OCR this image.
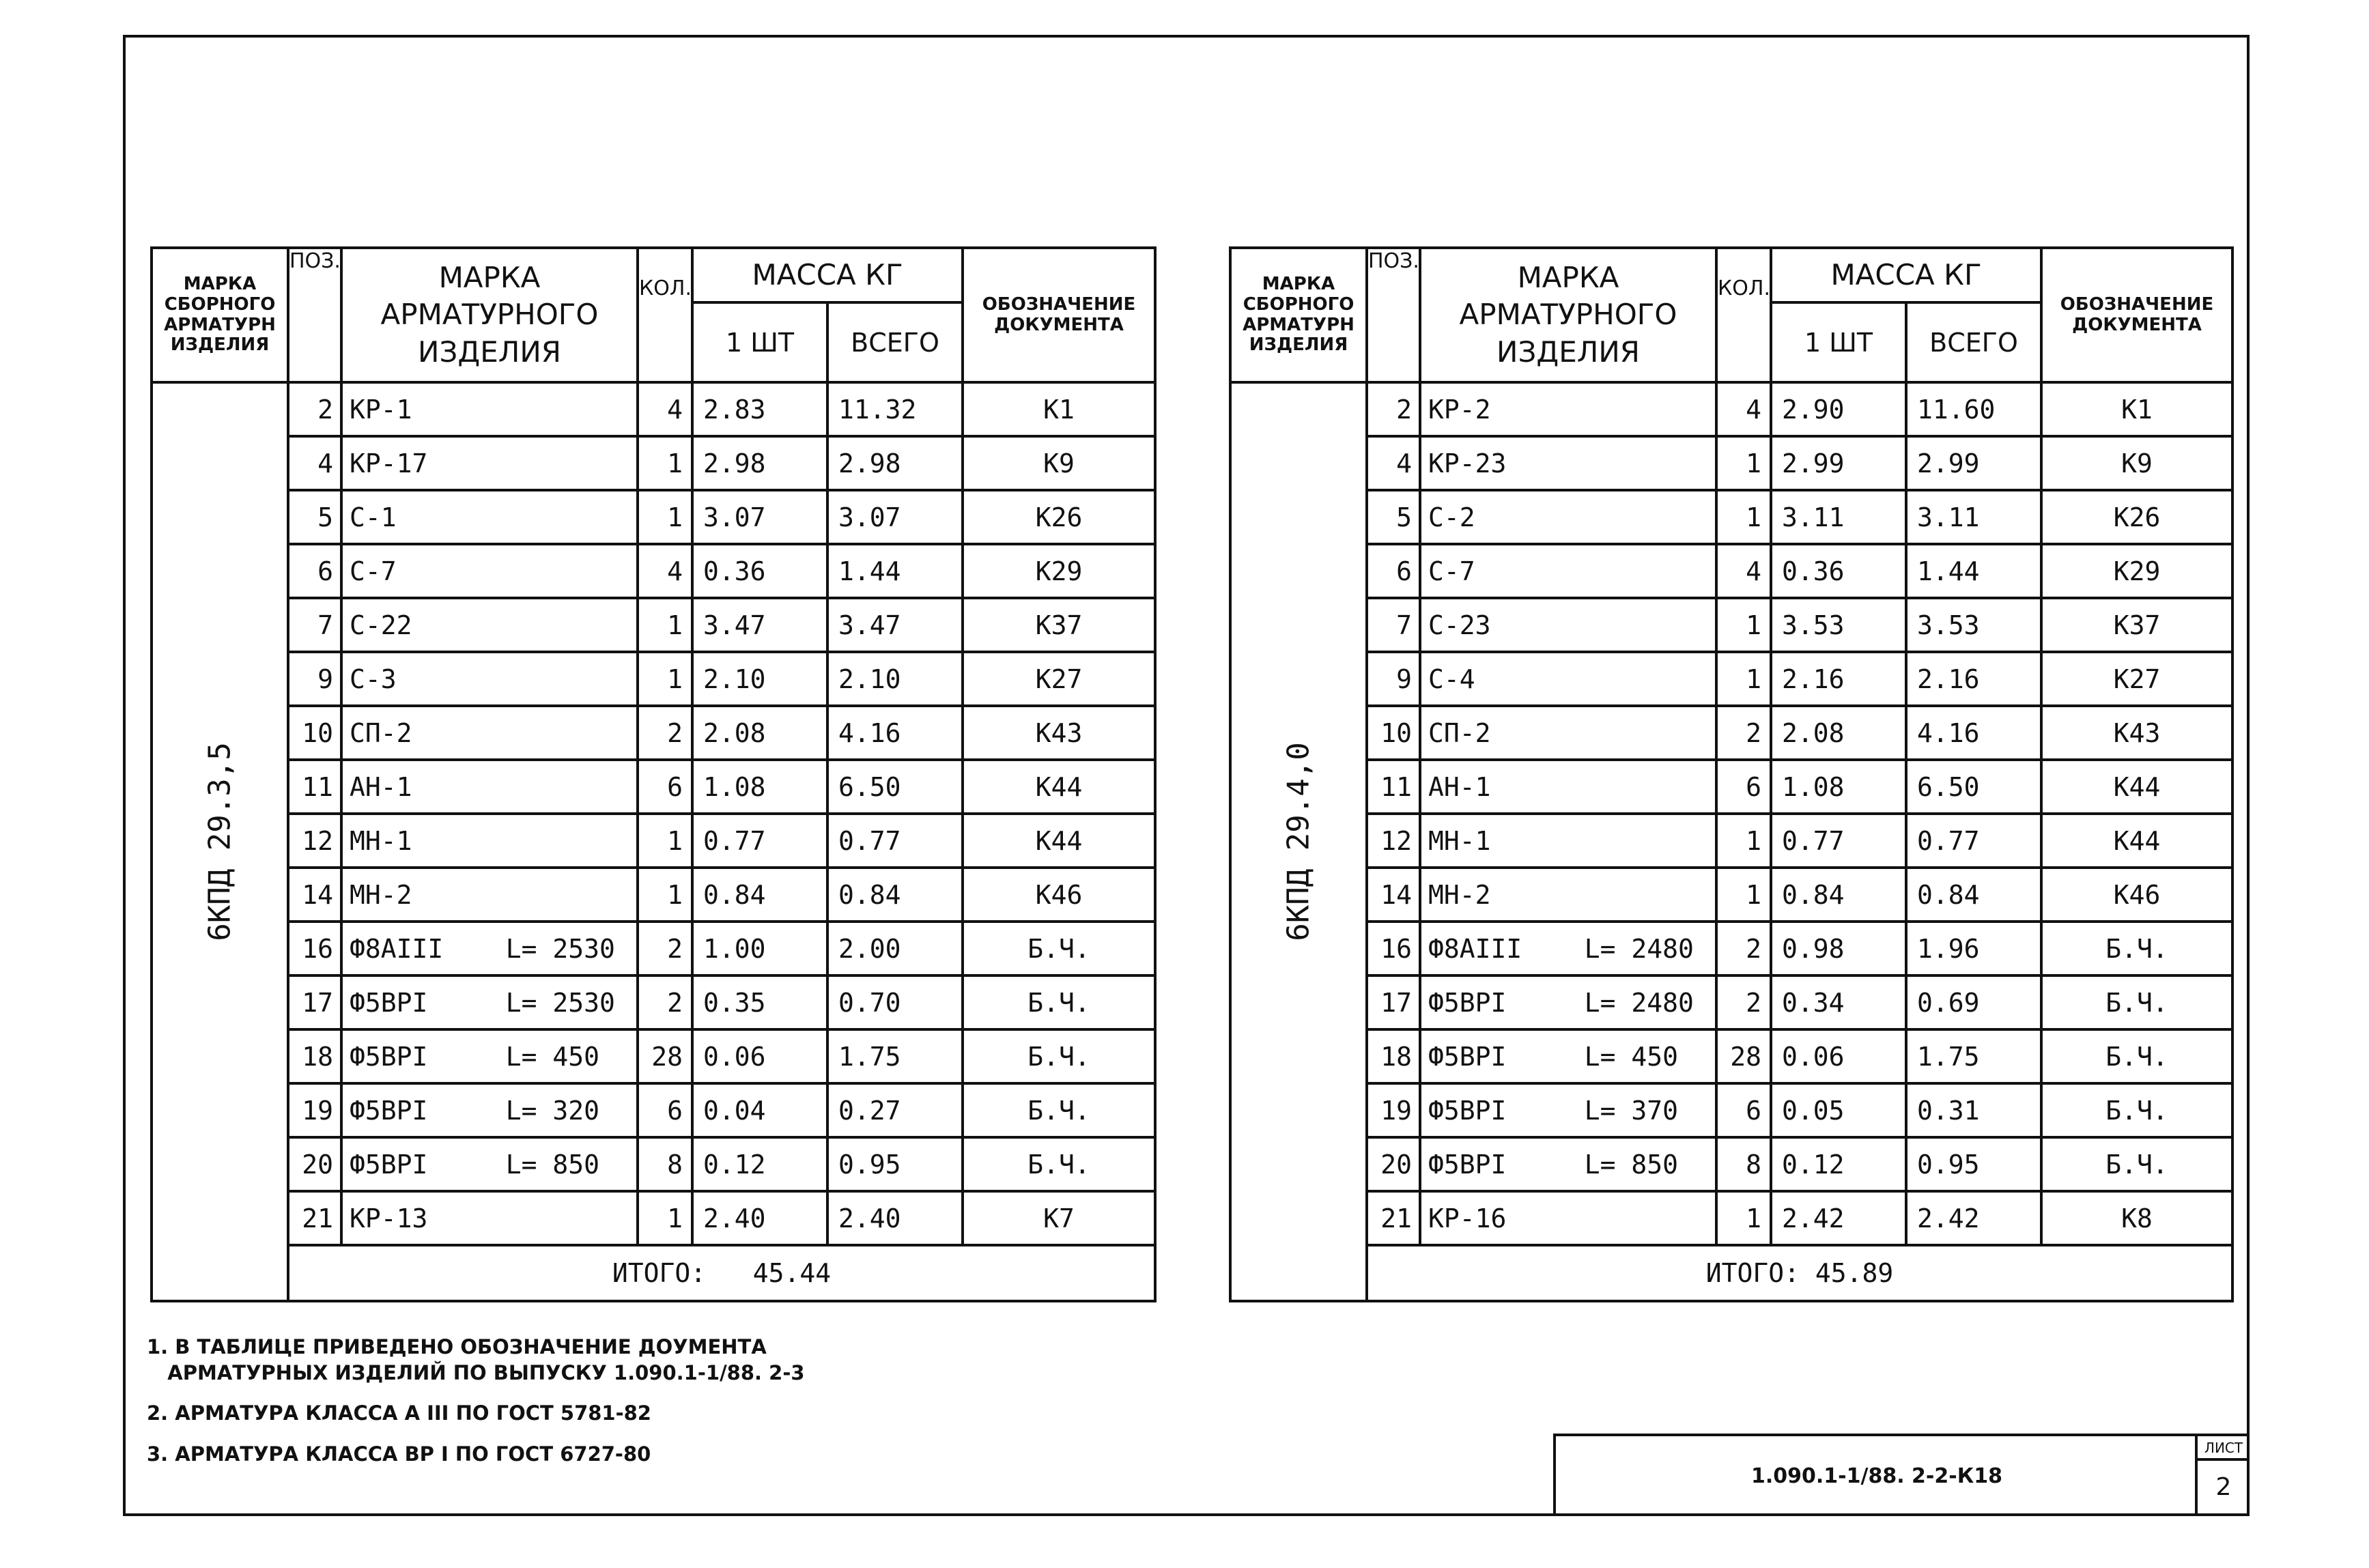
МАРКА
СБОРНОГО
АРМАТУРН
ИЗДЕЛИЯ	ПОЗ.	МАРКА
АРМАТУРНОГО
ИЗДЕЛИЯ	КОЛ.	МАССА КГ		ОБОЗНАЧЕНИЕ
ДОКУМЕНТА
				1 ШТ	ВСЕГО	

6КПД 29.3,5	2	КР-1	4	2.83	11.32	К1
	4	КР-17	1	2.98	2.98	К9
	5	С-1	1	3.07	3.07	К26
	6	С-7	4	0.36	1.44	К29
	7	С-22	1	3.47	3.47	К37
	9	С-3	1	2.10	2.10	К27
	10	СП-2	2	2.08	4.16	К43
	11	АН-1	6	1.08	6.50	К44
	12	МН-1	1	0.77	0.77	К44
	14	МН-2	1	0.84	0.84	К46
	16	Ф8АIII    L= 2530	2	1.00	2.00	Б.Ч.
	17	Ф5ВРI     L= 2530	2	0.35	0.70	Б.Ч.
	18	Ф5ВРI     L= 450	28	0.06	1.75	Б.Ч.
	19	Ф5ВРI     L= 320	6	0.04	0.27	Б.Ч.
	20	Ф5ВРI     L= 850	8	0.12	0.95	Б.Ч.
	21	КР-13	1	2.40	2.40	К7
	ИТОГО:   45.44					
МАРКА
СБОРНОГО
АРМАТУРН
ИЗДЕЛИЯ	ПОЗ.	МАРКА
АРМАТУРНОГО
ИЗДЕЛИЯ	КОЛ.	МАССА КГ		ОБОЗНАЧЕНИЕ
ДОКУМЕНТА
				1 ШТ	ВСЕГО	

6КПД 29.4,0	2	КР-2	4	2.90	11.60	К1
	4	КР-23	1	2.99	2.99	К9
	5	С-2	1	3.11	3.11	К26
	6	С-7	4	0.36	1.44	К29
	7	С-23	1	3.53	3.53	К37
	9	С-4	1	2.16	2.16	К27
	10	СП-2	2	2.08	4.16	К43
	11	АН-1	6	1.08	6.50	К44
	12	МН-1	1	0.77	0.77	К44
	14	МН-2	1	0.84	0.84	К46
	16	Ф8АIII    L= 2480	2	0.98	1.96	Б.Ч.
	17	Ф5ВРI     L= 2480	2	0.34	0.69	Б.Ч.
	18	Ф5ВРI     L= 450	28	0.06	1.75	Б.Ч.
	19	Ф5ВРI     L= 370	6	0.05	0.31	Б.Ч.
	20	Ф5ВРI     L= 850	8	0.12	0.95	Б.Ч.
	21	КР-16	1	2.42	2.42	К8
	ИТОГО: 45.89					
1. В ТАБЛИЦЕ ПРИВЕДЕНО ОБОЗНАЧЕНИЕ ДОУМЕНТА
АРМАТУРНЫХ ИЗДЕЛИЙ ПО ВЫПУСКУ 1.090.1-1/88. 2-3
2. АРМАТУРА КЛАССА А III ПО ГОСТ 5781-82
3. АРМАТУРА КЛАССА ВР I ПО ГОСТ 6727-80
1.090.1-1/88. 2-2-К18
ЛИСТ
2
